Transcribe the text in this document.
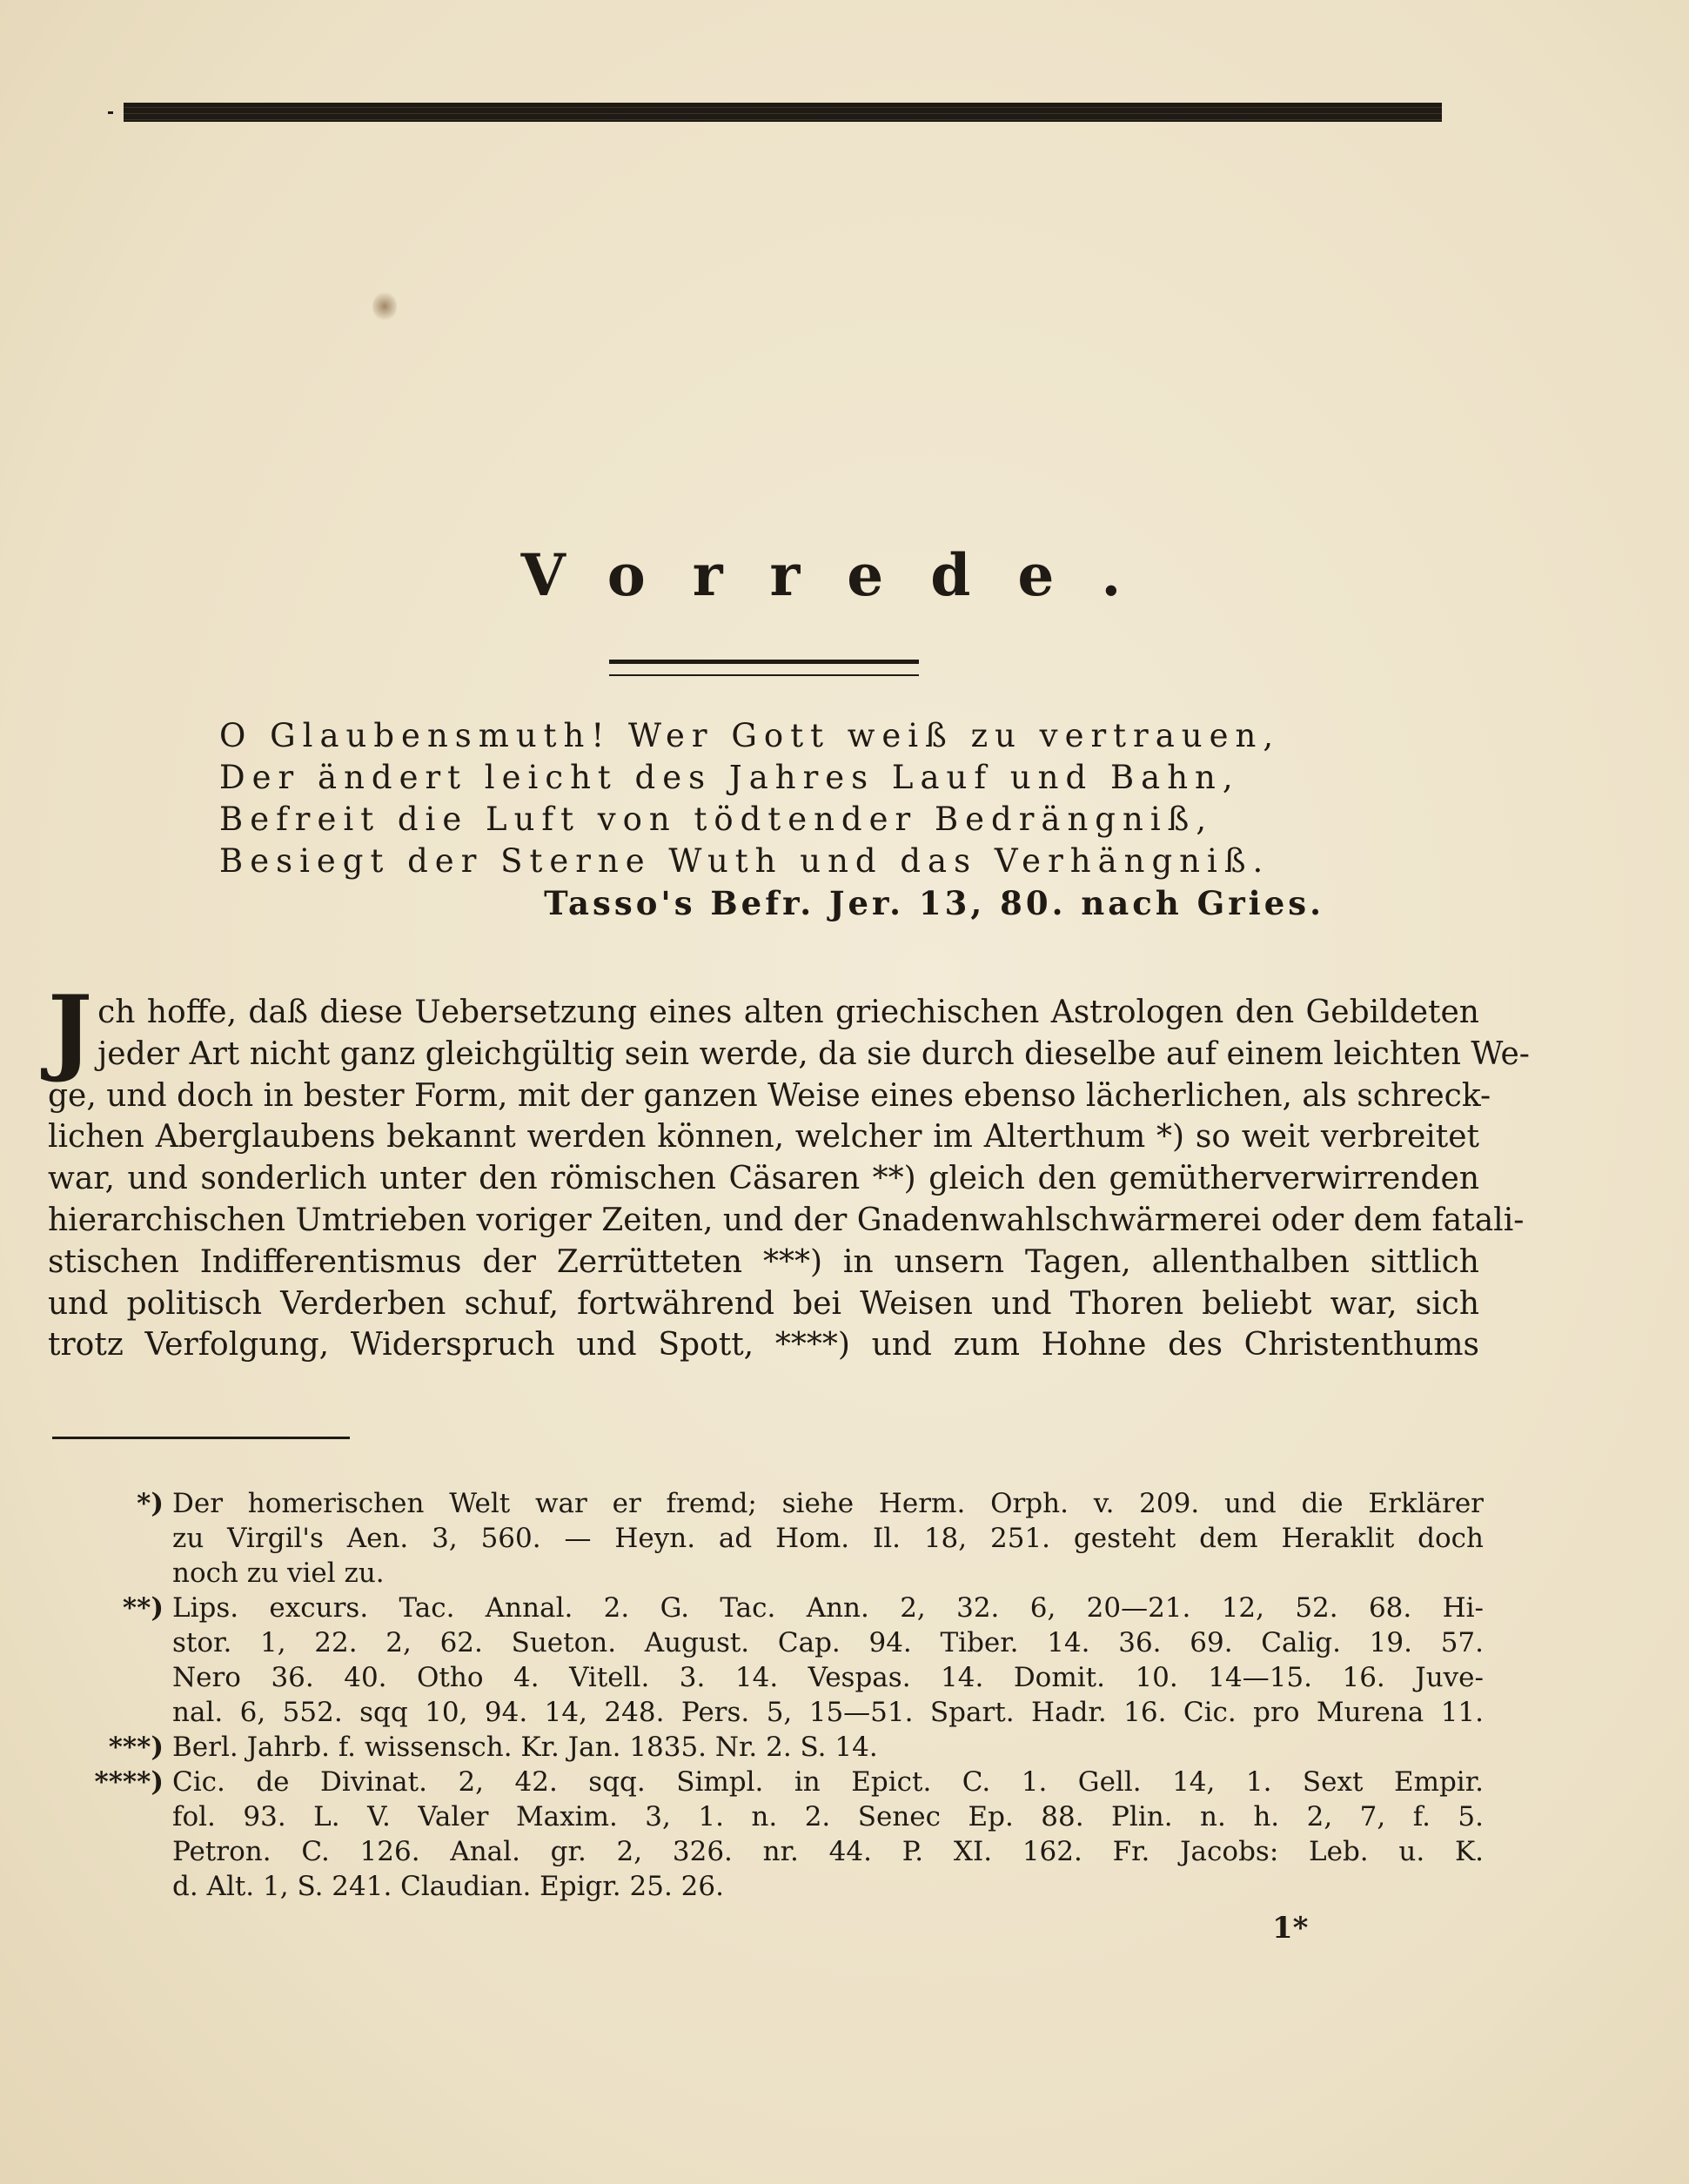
Vorrede.
O Glaubensmuth! Wer Gott weiß zu vertrauen,
Der ändert leicht des Jahres Lauf und Bahn,
Befreit die Luft von tödtender Bedrängniß,
Besiegt der Sterne Wuth und das Verhängniß.
Tasso's Befr. Jer. 13, 80. nach Gries.
J ch hoffe, daß diese Uebersetzung eines alten griechischen Astrologen den Gebildeten
jeder Art nicht ganz gleichgültig sein werde, da sie durch dieselbe auf einem leichten We-
ge, und doch in bester Form, mit der ganzen Weise eines ebenso lächerlichen, als schreck-
lichen Aberglaubens bekannt werden können, welcher im Alterthum *) so weit verbreitet
war, und sonderlich unter den römischen Cäsaren **) gleich den gemütherverwirrenden
hierarchischen Umtrieben voriger Zeiten, und der Gnadenwahlschwärmerei oder dem fatali-
stischen Indifferentismus der Zerrütteten ***) in unsern Tagen, allenthalben sittlich
und politisch Verderben schuf, fortwährend bei Weisen und Thoren beliebt war, sich
trotz Verfolgung, Widerspruch und Spott, ****) und zum Hohne des Christenthums
*) Der homerischen Welt war er fremd; siehe Herm. Orph. v. 209. und die Erklärer
zu Virgil's Aen. 3, 560. — Heyn. ad Hom. Il. 18, 251. gesteht dem Heraklit doch
noch zu viel zu.
**) Lips. excurs. Tac. Annal. 2. G. Tac. Ann. 2, 32. 6, 20—21. 12, 52. 68. Hi-
stor. 1, 22. 2, 62. Sueton. August. Cap. 94. Tiber. 14. 36. 69. Calig. 19. 57.
Nero 36. 40. Otho 4. Vitell. 3. 14. Vespas. 14. Domit. 10. 14—15. 16. Juve-
nal. 6, 552. sqq 10, 94. 14, 248. Pers. 5, 15—51. Spart. Hadr. 16. Cic. pro Murena 11.
***) Berl. Jahrb. f. wissensch. Kr. Jan. 1835. Nr. 2. S. 14.
****) Cic. de Divinat. 2, 42. sqq. Simpl. in Epict. C. 1. Gell. 14, 1. Sext Empir.
fol. 93. L. V. Valer Maxim. 3, 1. n. 2. Senec Ep. 88. Plin. n. h. 2, 7, f. 5.
Petron. C. 126. Anal. gr. 2, 326. nr. 44. P. XI. 162. Fr. Jacobs: Leb. u. K.
d. Alt. 1, S. 241. Claudian. Epigr. 25. 26.
1*
